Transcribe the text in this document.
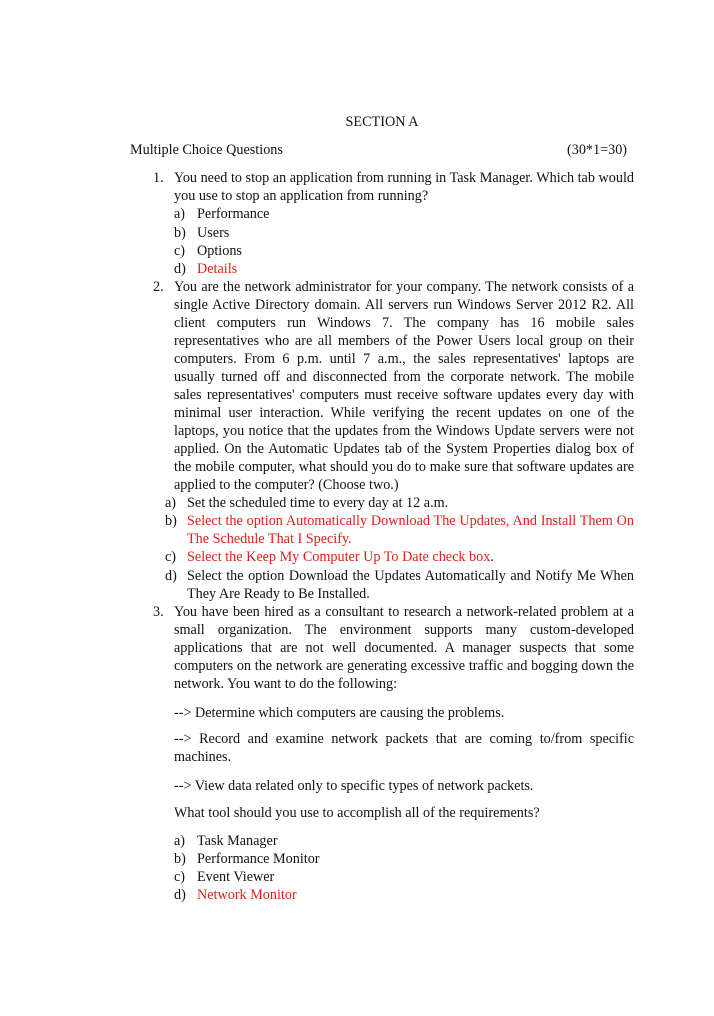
SECTION A
Multiple Choice Questions	(30*1=30)
1. You need to stop an application from running in Task Manager. Which tab would you use to stop an application from running?
a) Performance
b) Users
c) Options
d) Details
2. You are the network administrator for your company. The network consists of a single Active Directory domain. All servers run Windows Server 2012 R2. All client computers run Windows 7. The company has 16 mobile sales representatives who are all members of the Power Users local group on their computers. From 6 p.m. until 7 a.m., the sales representatives' laptops are usually turned off and disconnected from the corporate network. The mobile sales representatives' computers must receive software updates every day with minimal user interaction. While verifying the recent updates on one of the laptops, you notice that the updates from the Windows Update servers were not applied. On the Automatic Updates tab of the System Properties dialog box of the mobile computer, what should you do to make sure that software updates are applied to the computer? (Choose two.)
a) Set the scheduled time to every day at 12 a.m.
b) Select the option Automatically Download The Updates, And Install Them On The Schedule That I Specify.
c) Select the Keep My Computer Up To Date check box.
d) Select the option Download the Updates Automatically and Notify Me When They Are Ready to Be Installed.
3. You have been hired as a consultant to research a network-related problem at a small organization. The environment supports many custom-developed applications that are not well documented. A manager suspects that some computers on the network are generating excessive traffic and bogging down the network. You want to do the following:
--> Determine which computers are causing the problems.
--> Record and examine network packets that are coming to/from specific machines.
--> View data related only to specific types of network packets.
What tool should you use to accomplish all of the requirements?
a) Task Manager
b) Performance Monitor
c) Event Viewer
d) Network Monitor
